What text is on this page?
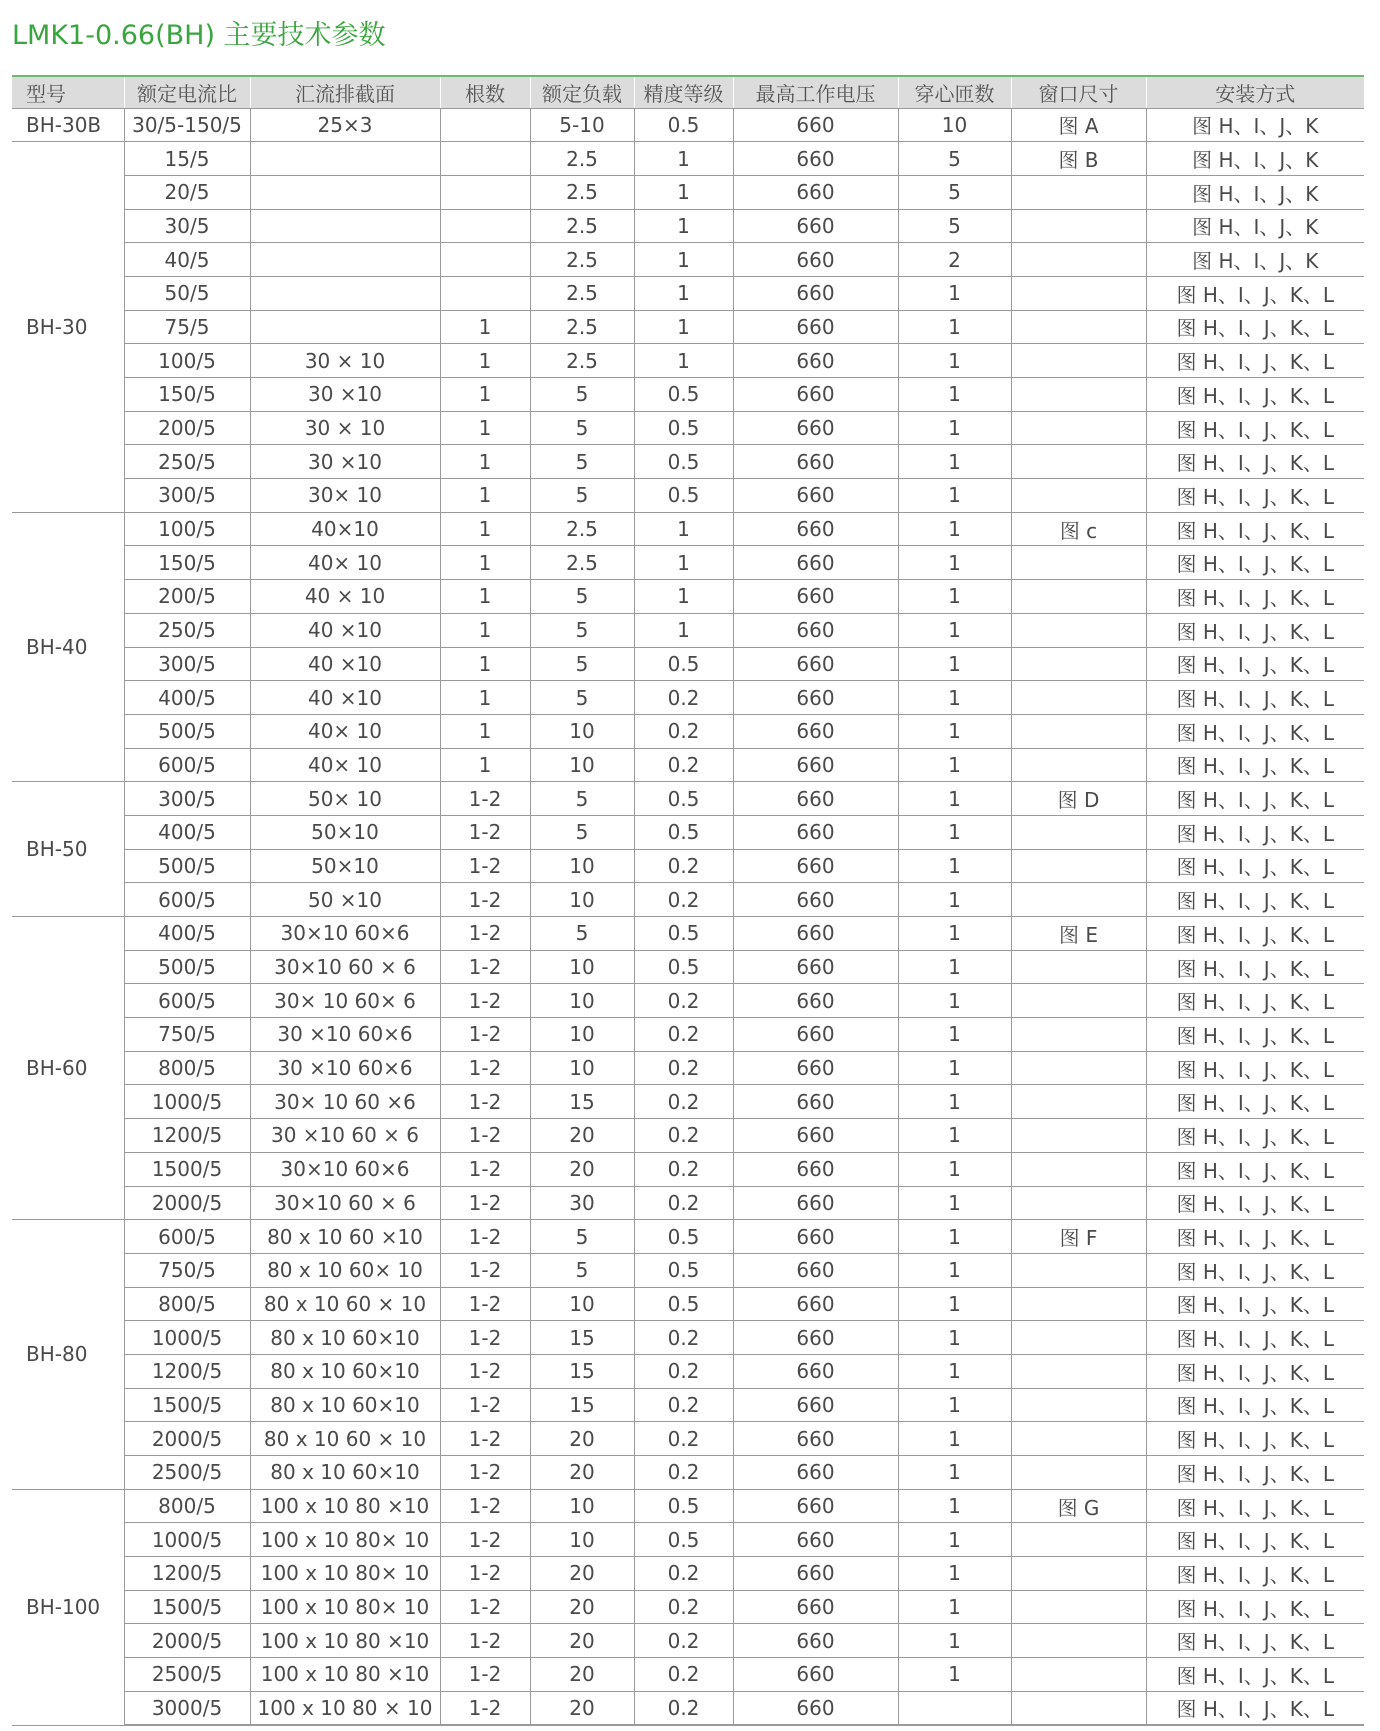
LMK1-0.66(BH) 主要技术参数
型号	额定电流比	汇流排截面	根数	额定负载	精度等级	最高工作电压	穿心匝数	窗口尺寸	安装方式
BH-30B	30/5-150/5	25×3		5-10	0.5	660	10	图 A	图 H、I、J、K
BH-30	15/5			2.5	1	660	5	图 B	图 H、I、J、K
	20/5			2.5	1	660	5		图 H、I、J、K
	30/5			2.5	1	660	5		图 H、I、J、K
	40/5			2.5	1	660	2		图 H、I、J、K
	50/5			2.5	1	660	1		图 H、I、J、K、L
	75/5		1	2.5	1	660	1		图 H、I、J、K、L
	100/5	30 × 10	1	2.5	1	660	1		图 H、I、J、K、L
	150/5	30 ×10	1	5	0.5	660	1		图 H、I、J、K、L
	200/5	30 × 10	1	5	0.5	660	1		图 H、I、J、K、L
	250/5	30 ×10	1	5	0.5	660	1		图 H、I、J、K、L
	300/5	30× 10	1	5	0.5	660	1		图 H、I、J、K、L
BH-40	100/5	40×10	1	2.5	1	660	1	图 c	图 H、I、J、K、L
	150/5	40× 10	1	2.5	1	660	1		图 H、I、J、K、L
	200/5	40 × 10	1	5	1	660	1		图 H、I、J、K、L
	250/5	40 ×10	1	5	1	660	1		图 H、I、J、K、L
	300/5	40 ×10	1	5	0.5	660	1		图 H、I、J、K、L
	400/5	40 ×10	1	5	0.2	660	1		图 H、I、J、K、L
	500/5	40× 10	1	10	0.2	660	1		图 H、I、J、K、L
	600/5	40× 10	1	10	0.2	660	1		图 H、I、J、K、L
BH-50	300/5	50× 10	1-2	5	0.5	660	1	图 D	图 H、I、J、K、L
	400/5	50×10	1-2	5	0.5	660	1		图 H、I、J、K、L
	500/5	50×10	1-2	10	0.2	660	1		图 H、I、J、K、L
	600/5	50 ×10	1-2	10	0.2	660	1		图 H、I、J、K、L
BH-60	400/5	30×10 60×6	1-2	5	0.5	660	1	图 E	图 H、I、J、K、L
	500/5	30×10 60 × 6	1-2	10	0.5	660	1		图 H、I、J、K、L
	600/5	30× 10 60× 6	1-2	10	0.2	660	1		图 H、I、J、K、L
	750/5	30 ×10 60×6	1-2	10	0.2	660	1		图 H、I、J、K、L
	800/5	30 ×10 60×6	1-2	10	0.2	660	1		图 H、I、J、K、L
	1000/5	30× 10 60 ×6	1-2	15	0.2	660	1		图 H、I、J、K、L
	1200/5	30 ×10 60 × 6	1-2	20	0.2	660	1		图 H、I、J、K、L
	1500/5	30×10 60×6	1-2	20	0.2	660	1		图 H、I、J、K、L
	2000/5	30×10 60 × 6	1-2	30	0.2	660	1		图 H、I、J、K、L
BH-80	600/5	80 x 10 60 ×10	1-2	5	0.5	660	1	图 F	图 H、I、J、K、L
	750/5	80 x 10 60× 10	1-2	5	0.5	660	1		图 H、I、J、K、L
	800/5	80 x 10 60 × 10	1-2	10	0.5	660	1		图 H、I、J、K、L
	1000/5	80 x 10 60×10	1-2	15	0.2	660	1		图 H、I、J、K、L
	1200/5	80 x 10 60×10	1-2	15	0.2	660	1		图 H、I、J、K、L
	1500/5	80 x 10 60×10	1-2	15	0.2	660	1		图 H、I、J、K、L
	2000/5	80 x 10 60 × 10	1-2	20	0.2	660	1		图 H、I、J、K、L
	2500/5	80 x 10 60×10	1-2	20	0.2	660	1		图 H、I、J、K、L
BH-100	800/5	100 x 10 80 ×10	1-2	10	0.5	660	1	图 G	图 H、I、J、K、L
	1000/5	100 x 10 80× 10	1-2	10	0.5	660	1		图 H、I、J、K、L
	1200/5	100 x 10 80× 10	1-2	20	0.2	660	1		图 H、I、J、K、L
	1500/5	100 x 10 80× 10	1-2	20	0.2	660	1		图 H、I、J、K、L
	2000/5	100 x 10 80 ×10	1-2	20	0.2	660	1		图 H、I、J、K、L
	2500/5	100 x 10 80 ×10	1-2	20	0.2	660	1		图 H、I、J、K、L
	3000/5	100 x 10 80 × 10	1-2	20	0.2	660			图 H、I、J、K、L
